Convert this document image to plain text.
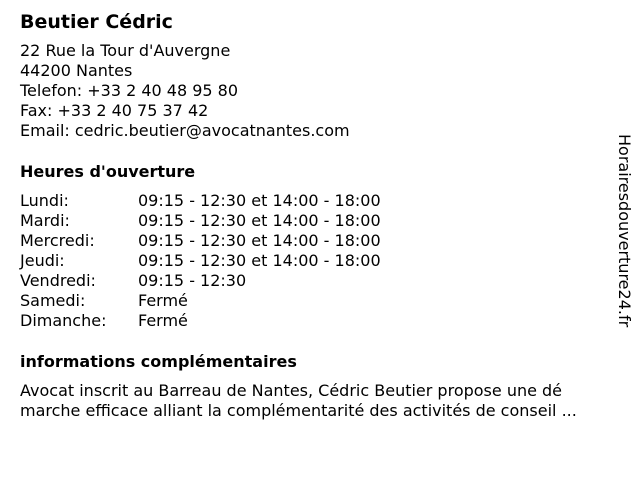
Beutier Cédric
22 Rue la Tour d'Auvergne
44200 Nantes
Telefon: +33 2 40 48 95 80
Fax: +33 2 40 75 37 42
Email: cedric.beutier@avocatnantes.com
Heures d'ouverture
Lundi:	09:15 - 12:30 et 14:00 - 18:00
Mardi:	09:15 - 12:30 et 14:00 - 18:00
Mercredi:	09:15 - 12:30 et 14:00 - 18:00
Jeudi:	09:15 - 12:30 et 14:00 - 18:00
Vendredi:	09:15 - 12:30
Samedi:	Fermé
Dimanche:	Fermé
informations complémentaires
Avocat inscrit au Barreau de Nantes, Cédric Beutier propose une dé
marche efficace alliant la complémentarité des activités de conseil ...
Horairesdouverture24.fr
